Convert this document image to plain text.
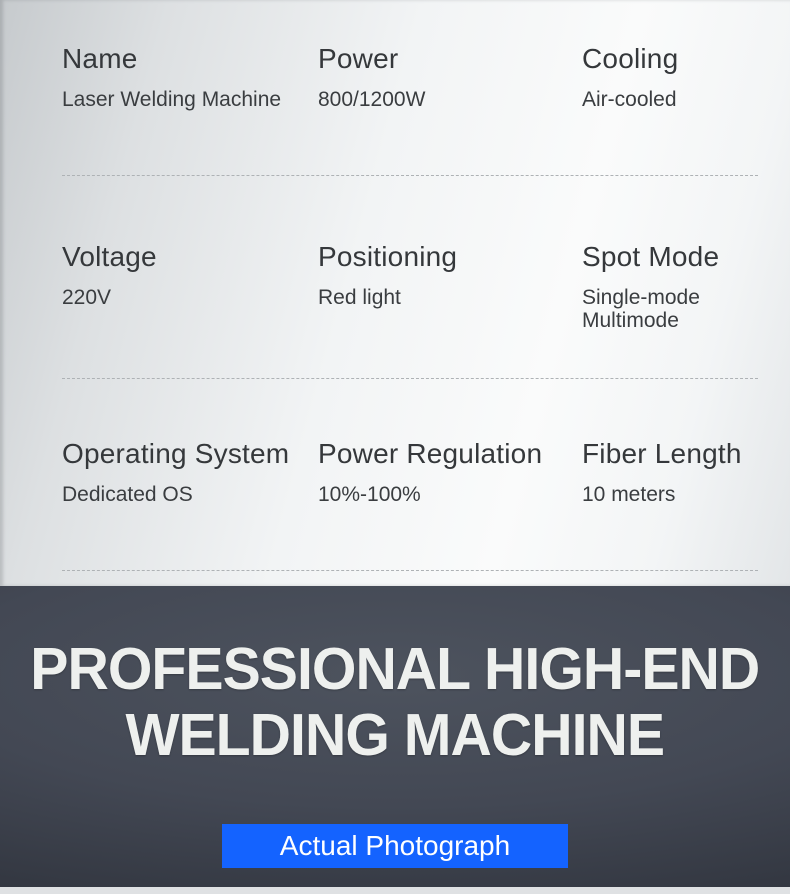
Name
Laser Welding Machine
Power
800/1200W
Cooling
Air-cooled
Voltage
220V
Positioning
Red light
Spot Mode
Single-mode
Multimode
Operating System
Dedicated OS
Power Regulation
10%-100%
Fiber Length
10 meters
PROFESSIONAL HIGH-END
WELDING MACHINE
Actual Photograph
